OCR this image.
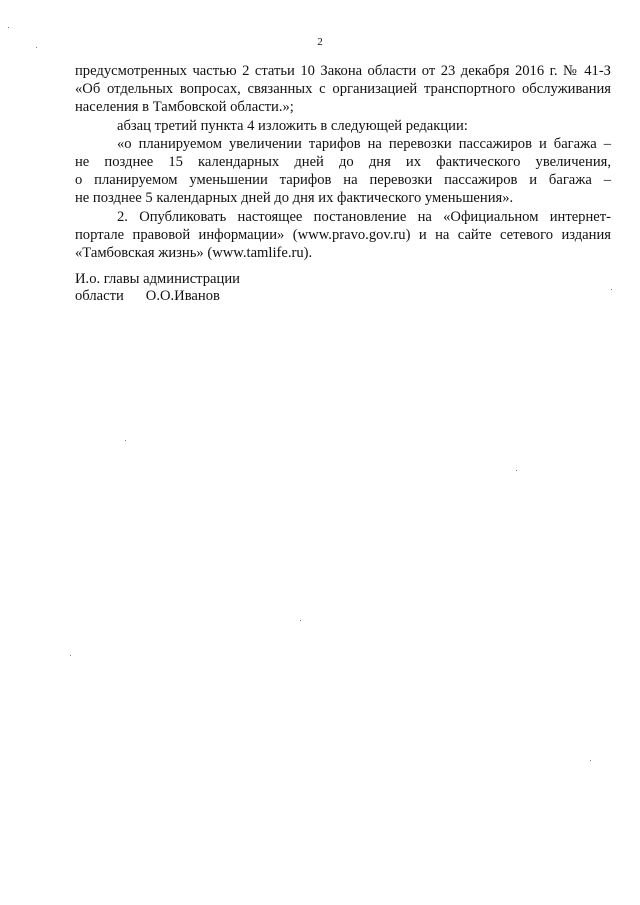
2
предусмотренных частью 2 статьи 10 Закона области от 23 декабря 2016 г. № 41-З
«Об отдельных вопросах, связанных с организацией транспортного обслуживания
населения в Тамбовской области.»;
абзац третий пункта 4 изложить в следующей редакции:
«о планируемом увеличении тарифов на перевозки пассажиров и багажа –
не позднее 15 календарных дней до дня их фактического увеличения,
о планируемом уменьшении тарифов на перевозки пассажиров и багажа –
не позднее 5 календарных дней до дня их фактического уменьшения».
2. Опубликовать настоящее постановление на «Официальном интернет-
портале правовой информации» (www.pravo.gov.ru) и на сайте сетевого издания
«Тамбовская жизнь» (www.tamlife.ru).
И.о. главы администрации
области О.О.Иванов
